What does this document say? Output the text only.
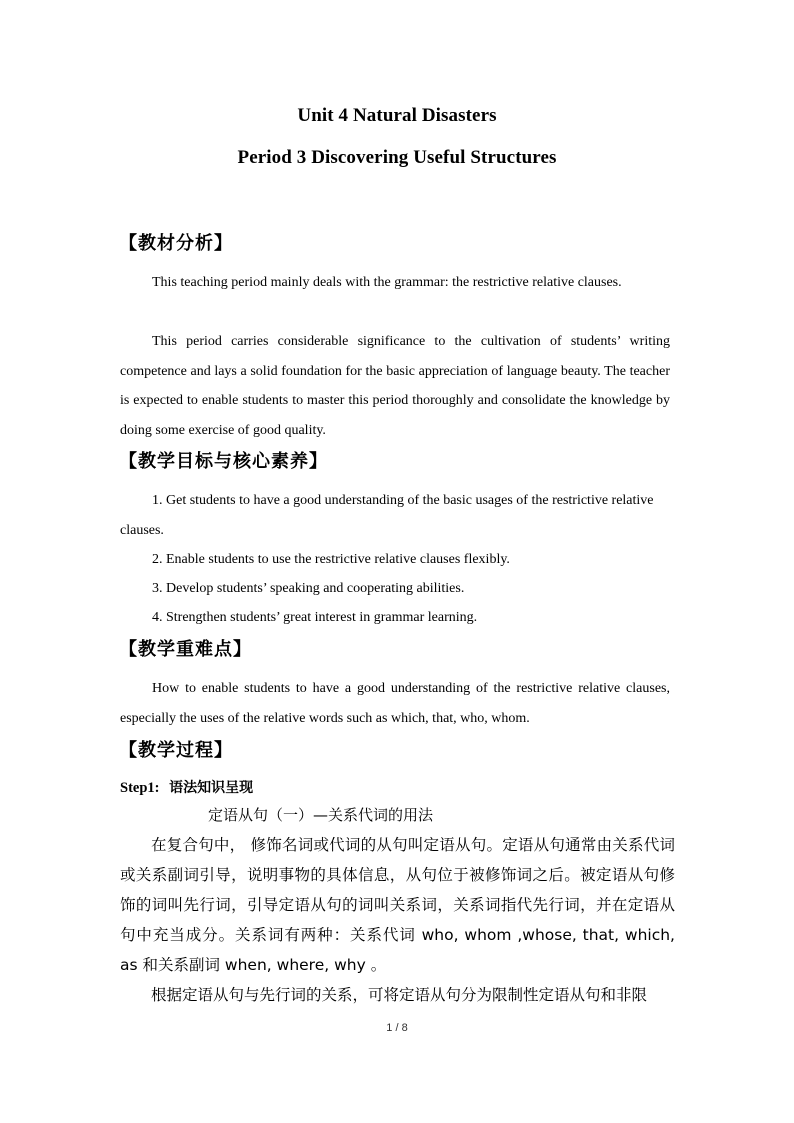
Unit 4 Natural Disasters
Period 3 Discovering Useful Structures
【教材分析】
This teaching period mainly deals with the grammar: the restrictive relative clauses.
This period carries considerable significance to the cultivation of students’ writing competence and lays a solid foundation for the basic appreciation of language beauty. The teacher is expected to enable students to master this period thoroughly and consolidate the knowledge by doing some exercise of good quality.
【教学目标与核心素养】
1. Get students to have a good understanding of the basic usages of the restrictive relative clauses.
2. Enable students to use the restrictive relative clauses flexibly.
3. Develop students’ speaking and cooperating abilities.
4. Strengthen students’ great interest in grammar learning.
【教学重难点】
How to enable students to have a good understanding of the restrictive relative clauses, especially the uses of the relative words such as which, that, who, whom.
【教学过程】
Step1: 语法知识呈现
定语从句（一）—关系代词的用法
在复合句中， 修饰名词或代词的从句叫定语从句。定语从句通常由关系代词或关系副词引导，说明事物的具体信息，从句位于被修饰词之后。被定语从句修饰的词叫先行词，引导定语从句的词叫关系词，关系词指代先行词，并在定语从句中充当成分。关系词有两种：关系代词 who, whom ,whose, that, which, as 和关系副词 when, where, why 。
根据定语从句与先行词的关系，可将定语从句分为限制性定语从句和非限
1 / 8
